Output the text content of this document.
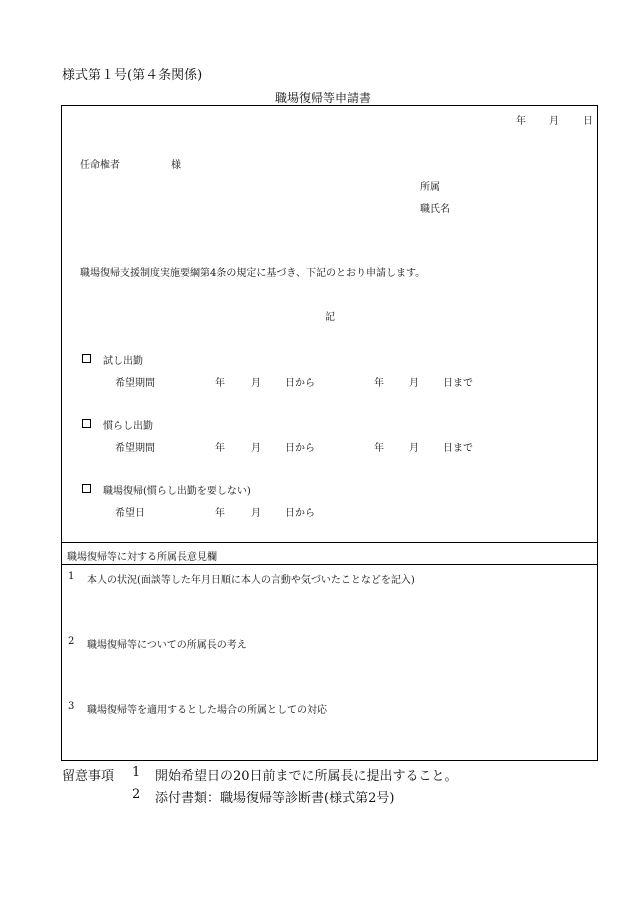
様式第１号(第４条関係)
職場復帰等申請書
年 月 日
任命権者	様
所属
職氏名
職場復帰支援制度実施要綱第4条の規定に基づき、下記のとおり申請します。
記
試し出勤
希望期間	年	月 日から	年	月 日まで
慣らし出勤
希望期間	年	月 日から	年	月 日まで
職場復帰(慣らし出勤を要しない)
希望日	年	月 日から
職場復帰等に対する所属長意見欄
1 本人の状況(面談等した年月日順に本人の言動や気づいたことなどを記入)
2 職場復帰等についての所属長の考え
3 職場復帰等を適用するとした場合の所属としての対応
留意事項 1 開始希望日の20日前までに所属長に提出すること。
2 添付書類：職場復帰等診断書(様式第2号)
